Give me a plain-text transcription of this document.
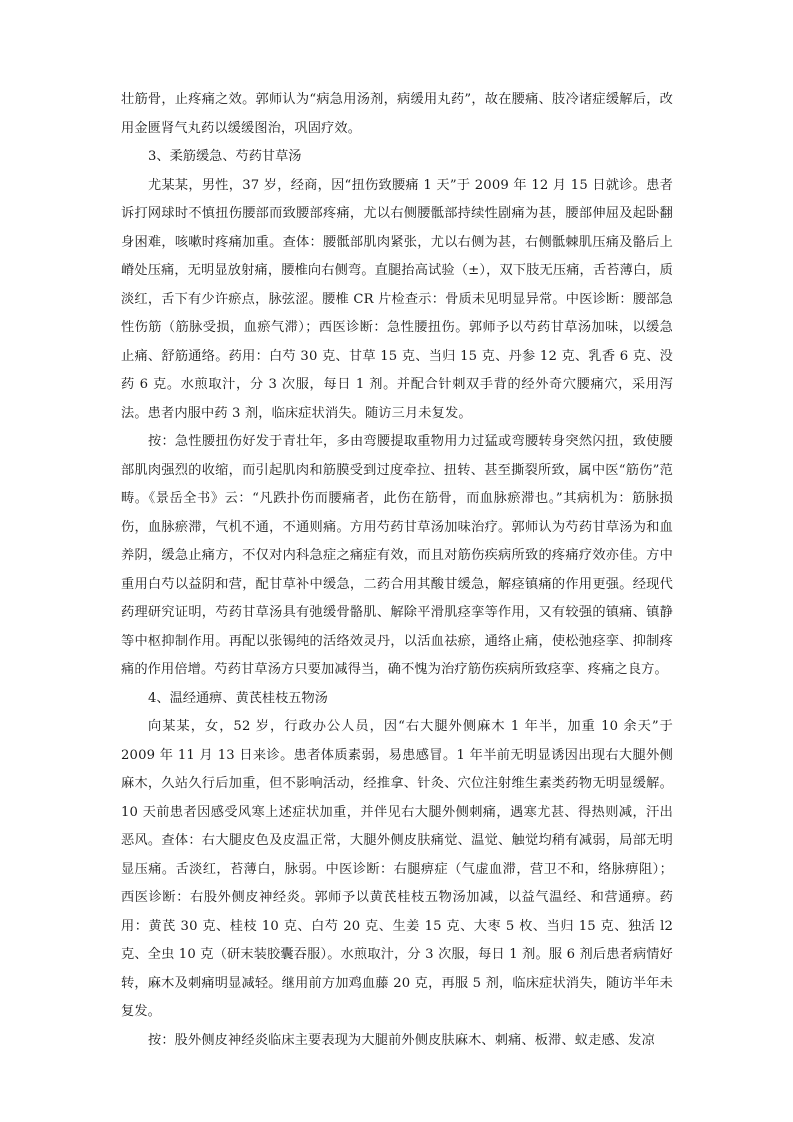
壮筋骨，止疼痛之效。郭师认为“病急用汤剂，病缓用丸药”，故在腰痛、肢冷诸症缓解后，改用金匮肾气丸药以缓缓图治，巩固疗效。

3、柔筋缓急、芍药甘草汤

尤某某，男性，37 岁，经商，因“扭伤致腰痛 1 天”于 2009 年 12 月 15 日就诊。患者诉打网球时不慎扭伤腰部而致腰部疼痛，尤以右侧腰骶部持续性剧痛为甚，腰部伸屈及起卧翻身困难，咳嗽时疼痛加重。查体：腰骶部肌肉紧张，尤以右侧为甚，右侧骶棘肌压痛及骼后上嵴处压痛，无明显放射痛，腰椎向右侧弯。直腿抬高试验（±），双下肢无压痛，舌苔薄白，质淡红，舌下有少许瘀点，脉弦涩。腰椎 CR 片检查示：骨质未见明显异常。中医诊断：腰部急性伤筋（筋脉受损，血瘀气滞）；西医诊断：急性腰扭伤。郭师予以芍药甘草汤加味，以缓急止痛、舒筋通络。药用：白芍 30 克、甘草 15 克、当归 15 克、丹参 12 克、乳香 6 克、没药 6 克。水煎取汁，分 3 次服，每日 1 剂。并配合针刺双手背的经外奇穴腰痛穴，采用泻法。患者内服中药 3 剂，临床症状消失。随访三月未复发。

按：急性腰扭伤好发于青壮年，多由弯腰提取重物用力过猛或弯腰转身突然闪扭，致使腰部肌肉强烈的收缩，而引起肌肉和筋膜受到过度牵拉、扭转、甚至撕裂所致，属中医“筋伤”范畴。《景岳全书》云：“凡跌扑伤而腰痛者，此伤在筋骨，而血脉瘀滞也。”其病机为：筋脉损伤，血脉瘀滞，气机不通，不通则痛。方用芍药甘草汤加味治疗。郭师认为芍药甘草汤为和血养阴，缓急止痛方，不仅对内科急症之痛症有效，而且对筋伤疾病所致的疼痛疗效亦佳。方中重用白芍以益阴和营，配甘草补中缓急，二药合用其酸甘缓急，解痉镇痛的作用更强。经现代药理研究证明，芍药甘草汤具有弛缓骨骼肌、解除平滑肌痉挛等作用，又有较强的镇痛、镇静等中枢抑制作用。再配以张锡纯的活络效灵丹，以活血祛瘀，通络止痛，使松弛痉挛、抑制疼痛的作用倍增。芍药甘草汤方只要加减得当，确不愧为治疗筋伤疾病所致痉挛、疼痛之良方。

4、温经通痹、黄芪桂枝五物汤

向某某，女，52 岁，行政办公人员，因“右大腿外侧麻木 1 年半，加重 10 余天”于 2009 年 11 月 13 日来诊。患者体质素弱，易患感冒。1 年半前无明显诱因出现右大腿外侧麻木，久站久行后加重，但不影响活动，经推拿、针灸、穴位注射维生素类药物无明显缓解。10 天前患者因感受风寒上述症状加重，并伴见右大腿外侧刺痛，遇寒尤甚、得热则减，汗出恶风。查体：右大腿皮色及皮温正常，大腿外侧皮肤痛觉、温觉、触觉均稍有减弱，局部无明显压痛。舌淡红，苔薄白，脉弱。中医诊断：右腿痹症（气虚血滞，营卫不和，络脉痹阻）；西医诊断：右股外侧皮神经炎。郭师予以黄芪桂枝五物汤加减，以益气温经、和营通痹。药用：黄芪 30 克、桂枝 10 克、白芍 20 克、生姜 15 克、大枣 5 枚、当归 15 克、独活 l2 克、全虫 10 克（研末装胶囊吞服）。水煎取汁，分 3 次服，每日 1 剂。服 6 剂后患者病情好转，麻木及刺痛明显减轻。继用前方加鸡血藤 20 克，再服 5 剂，临床症状消失，随访半年未复发。

按：股外侧皮神经炎临床主要表现为大腿前外侧皮肤麻木、刺痛、板滞、蚁走感、发凉
